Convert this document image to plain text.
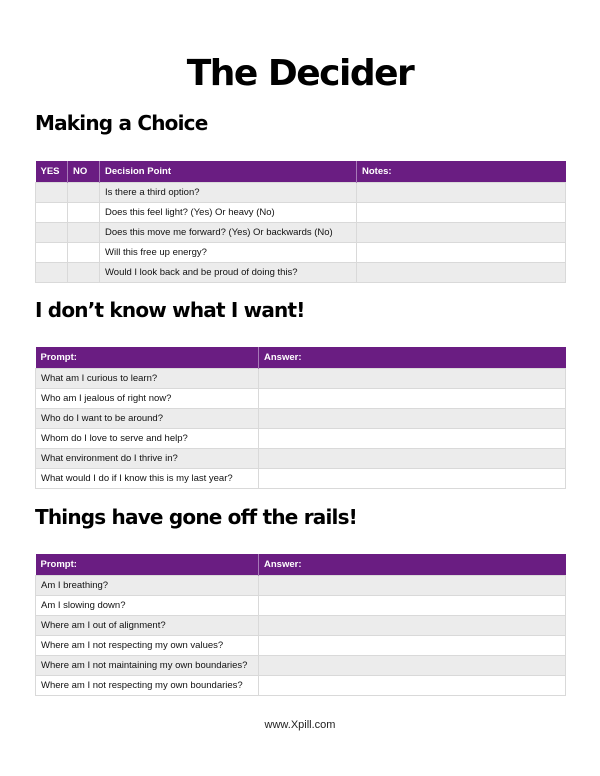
The Decider
Making a Choice
YES	NO	Decision Point	Notes:
		Is there a third option?	
		Does this feel light? (Yes) Or heavy (No)	
		Does this move me forward? (Yes) Or backwards (No)	
		Will this free up energy?	
		Would I look back and be proud of doing this?	
I don’t know what I want!
Prompt:	Answer:
What am I curious to learn?	
Who am I jealous of right now?	
Who do I want to be around?	
Whom do I love to serve and help?	
What environment do I thrive in?	
What would I do if I know this is my last year?	
Things have gone off the rails!
Prompt:	Answer:
Am I breathing?	
Am I slowing down?	
Where am I out of alignment?	
Where am I not respecting my own values?	
Where am I not maintaining my own boundaries?	
Where am I not respecting my own boundaries?	
www.Xpill.com
